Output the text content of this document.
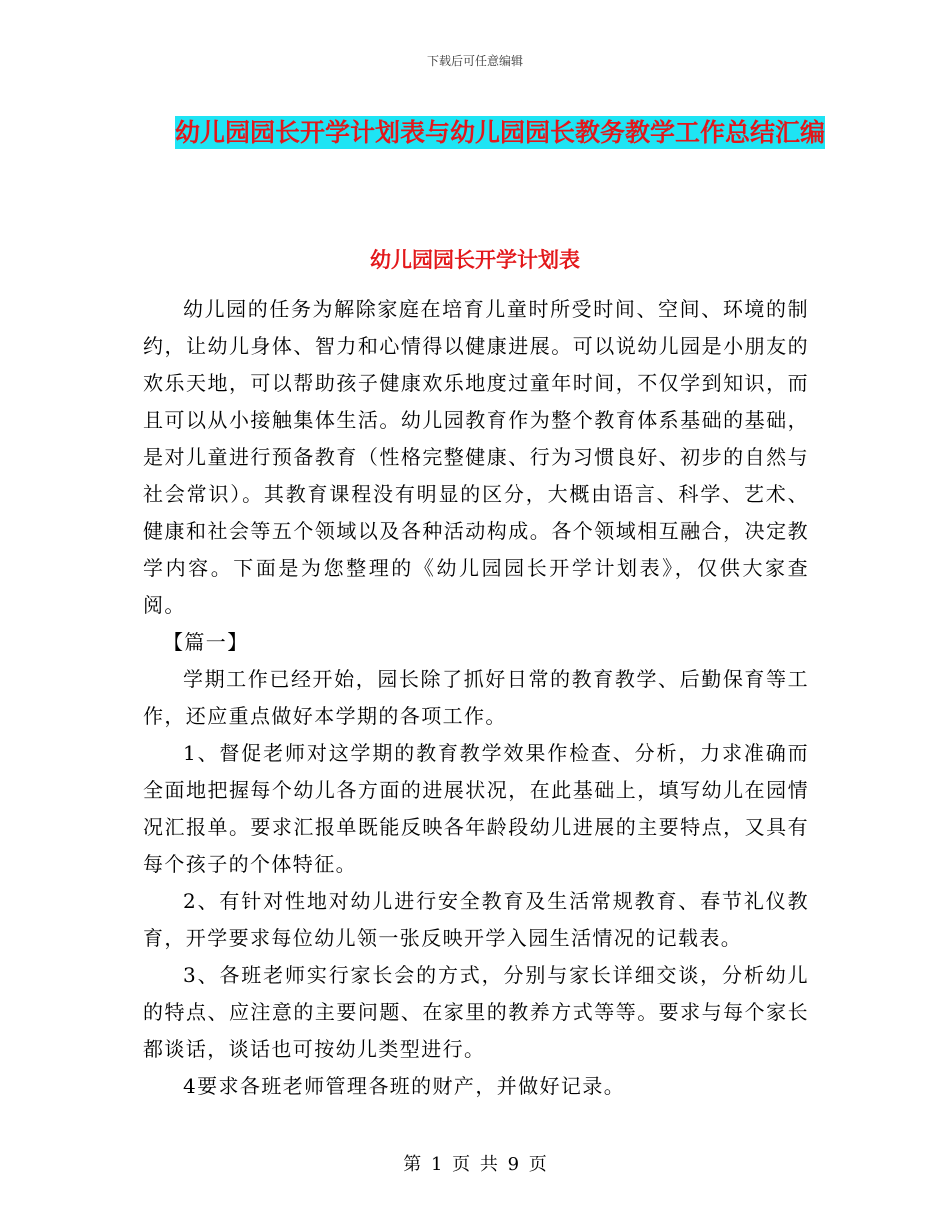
下载后可任意编辑
幼儿园园长开学计划表与幼儿园园长教务教学工作总结汇编
幼儿园园长开学计划表

幼儿园的任务为解除家庭在培育儿童时所受时间、空间、环境的制约，让幼儿身体、智力和心情得以健康进展。可以说幼儿园是小朋友的欢乐天地，可以帮助孩子健康欢乐地度过童年时间，不仅学到知识，而且可以从小接触集体生活。幼儿园教育作为整个教育体系基础的基础，是对儿童进行预备教育（性格完整健康、行为习惯良好、初步的自然与社会常识）。其教育课程没有明显的区分，大概由语言、科学、艺术、健康和社会等五个领域以及各种活动构成。各个领域相互融合，决定教学内容。下面是为您整理的《幼儿园园长开学计划表》，仅供大家查阅。

【篇一】

学期工作已经开始，园长除了抓好日常的教育教学、后勤保育等工作，还应重点做好本学期的各项工作。

1、督促老师对这学期的教育教学效果作检查、分析，力求准确而全面地把握每个幼儿各方面的进展状况，在此基础上，填写幼儿在园情况汇报单。要求汇报单既能反映各年龄段幼儿进展的主要特点，又具有每个孩子的个体特征。

2、有针对性地对幼儿进行安全教育及生活常规教育、春节礼仪教育，开学要求每位幼儿领一张反映开学入园生活情况的记载表。

3、各班老师实行家长会的方式，分别与家长详细交谈，分析幼儿的特点、应注意的主要问题、在家里的教养方式等等。要求与每个家长都谈话，谈话也可按幼儿类型进行。

4要求各班老师管理各班的财产，并做好记录。

第 1 页 共 9 页
